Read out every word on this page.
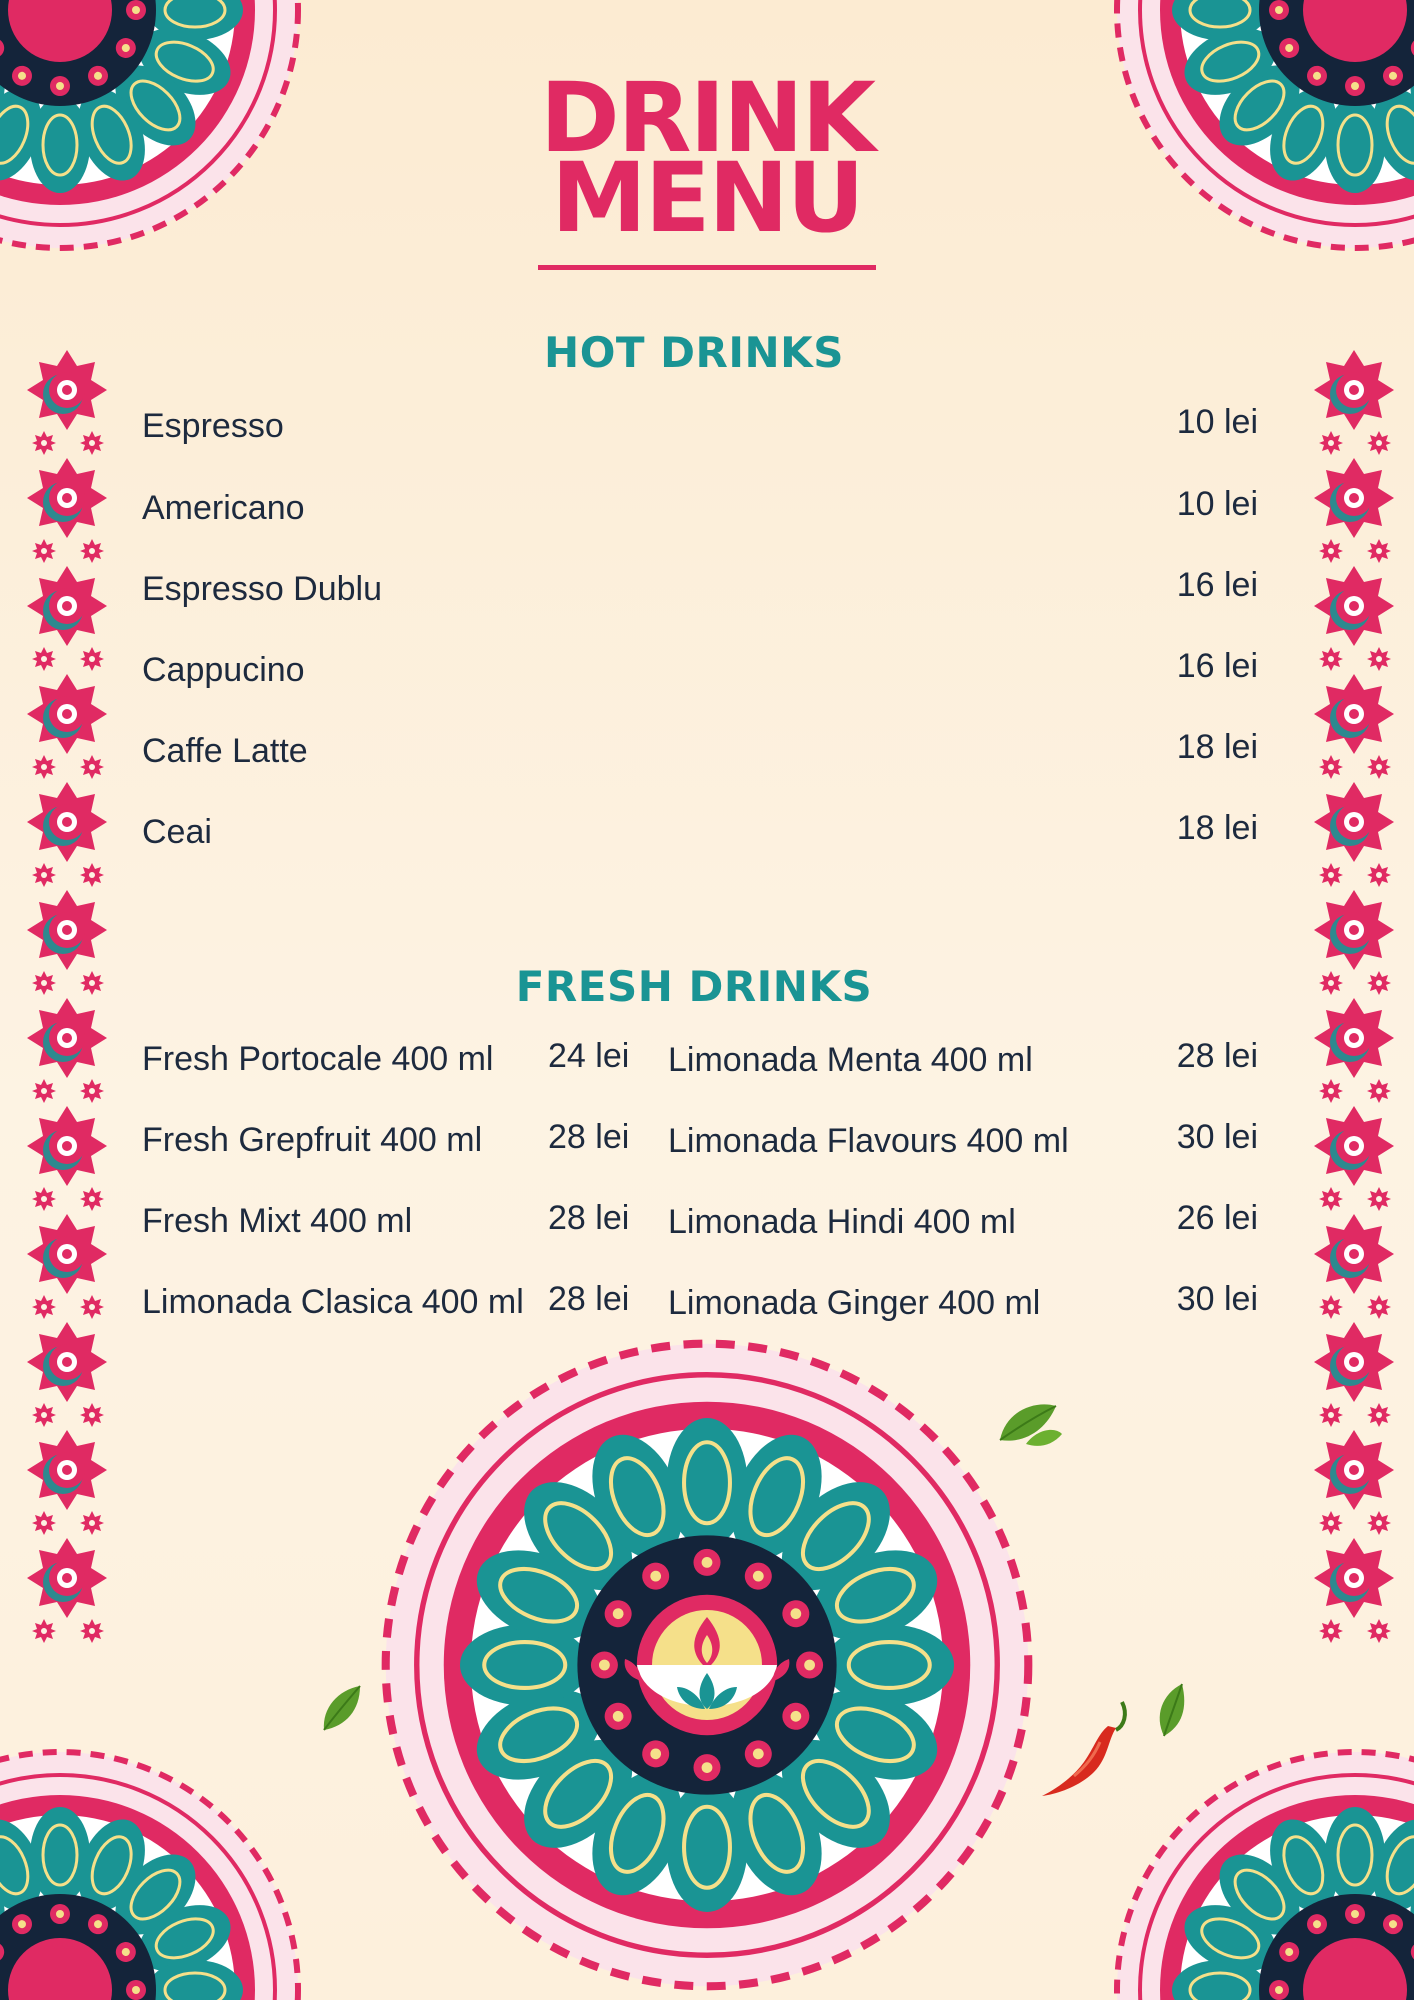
DRINK
MENU
HOT DRINKS
Espresso	10 lei
Americano	10 lei
Espresso Dublu	16 lei
Cappucino	16 lei
Caffe Latte	18 lei
Ceai	18 lei
FRESH DRINKS
Fresh Portocale 400 ml 24 lei Limonada Menta 400 ml	28 lei
Fresh Grepfruit 400 ml 28 lei Limonada Flavours 400 ml	30 lei
Fresh Mixt 400 ml	28 lei Limonada Hindi 400 ml	26 lei
Limonada Clasica 400 ml 28 lei Limonada Ginger 400 ml	30 lei
